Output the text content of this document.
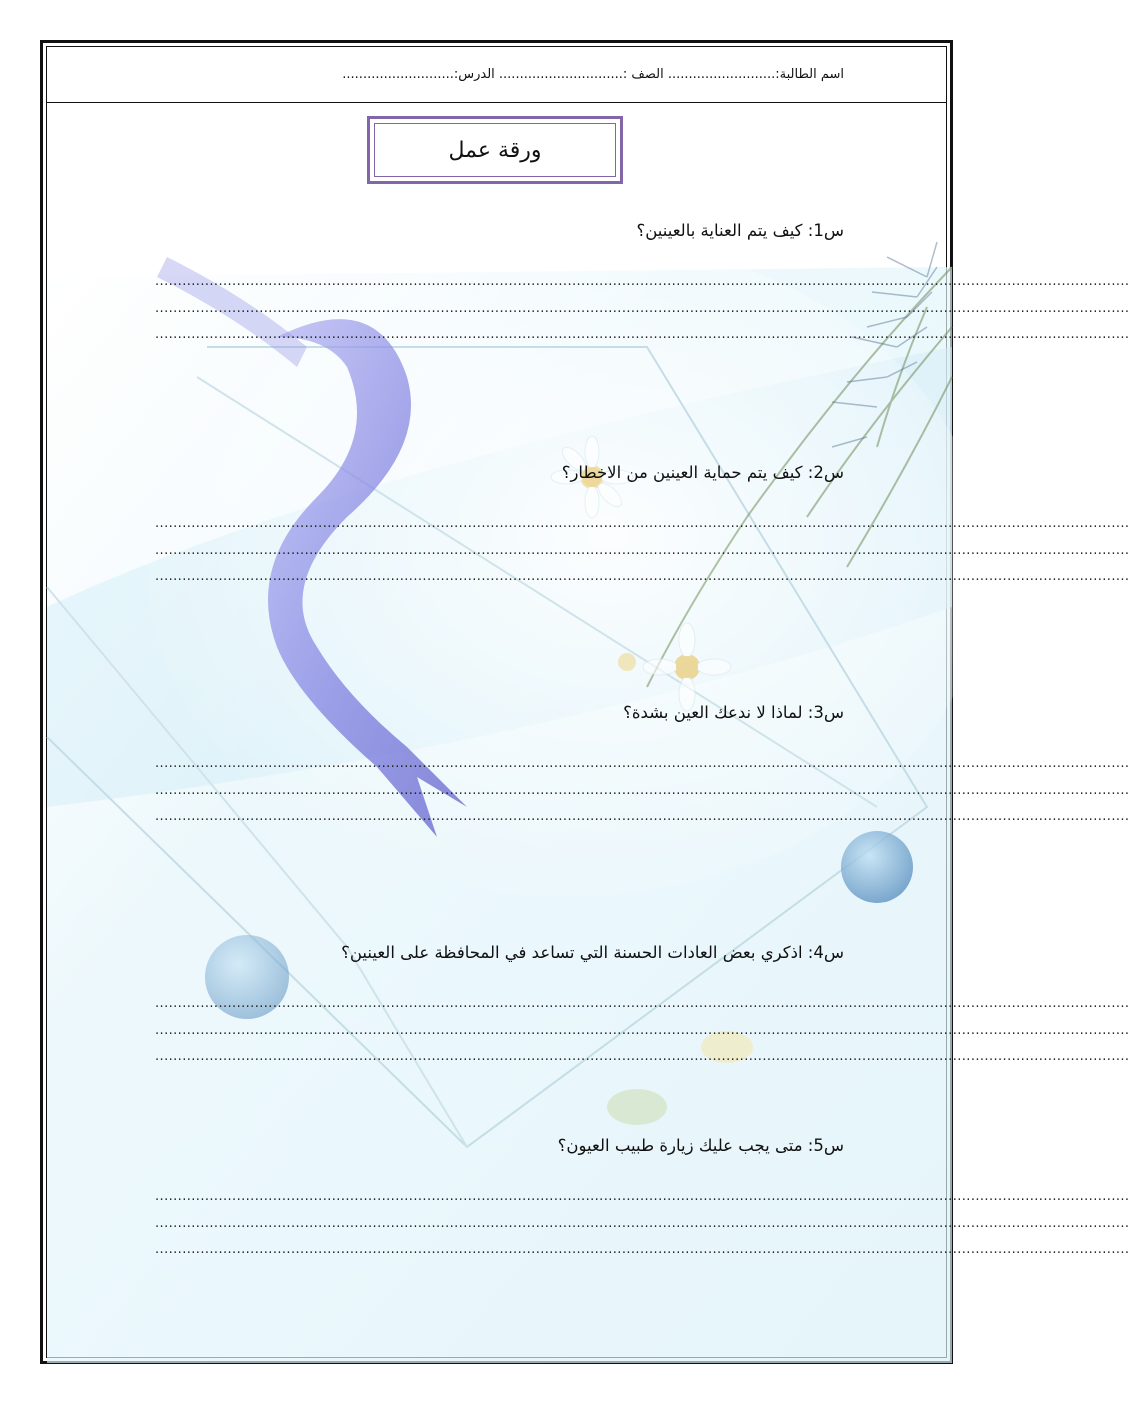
اسم الطالبة:.......................... الصف :.............................. الدرس:...........................
ورقة عمل
س1: كيف يتم العناية بالعينين؟
.......................................................................................................................................................................................................................
.......................................................................................................................................................................................................................
.......................................................................................................................................................................................................................
س2: كيف يتم حماية العينين من الاخطار؟
.......................................................................................................................................................................................................................
.......................................................................................................................................................................................................................
.......................................................................................................................................................................................................................
س3: لماذا لا ندعك العين بشدة؟
.......................................................................................................................................................................................................................
.......................................................................................................................................................................................................................
.......................................................................................................................................................................................................................
س4: اذكري بعض العادات الحسنة التي تساعد في المحافظة على العينين؟
.......................................................................................................................................................................................................................
.......................................................................................................................................................................................................................
.......................................................................................................................................................................................................................
س5: متى يجب عليك زيارة طبيب العيون؟
.......................................................................................................................................................................................................................
.......................................................................................................................................................................................................................
.......................................................................................................................................................................................................................
